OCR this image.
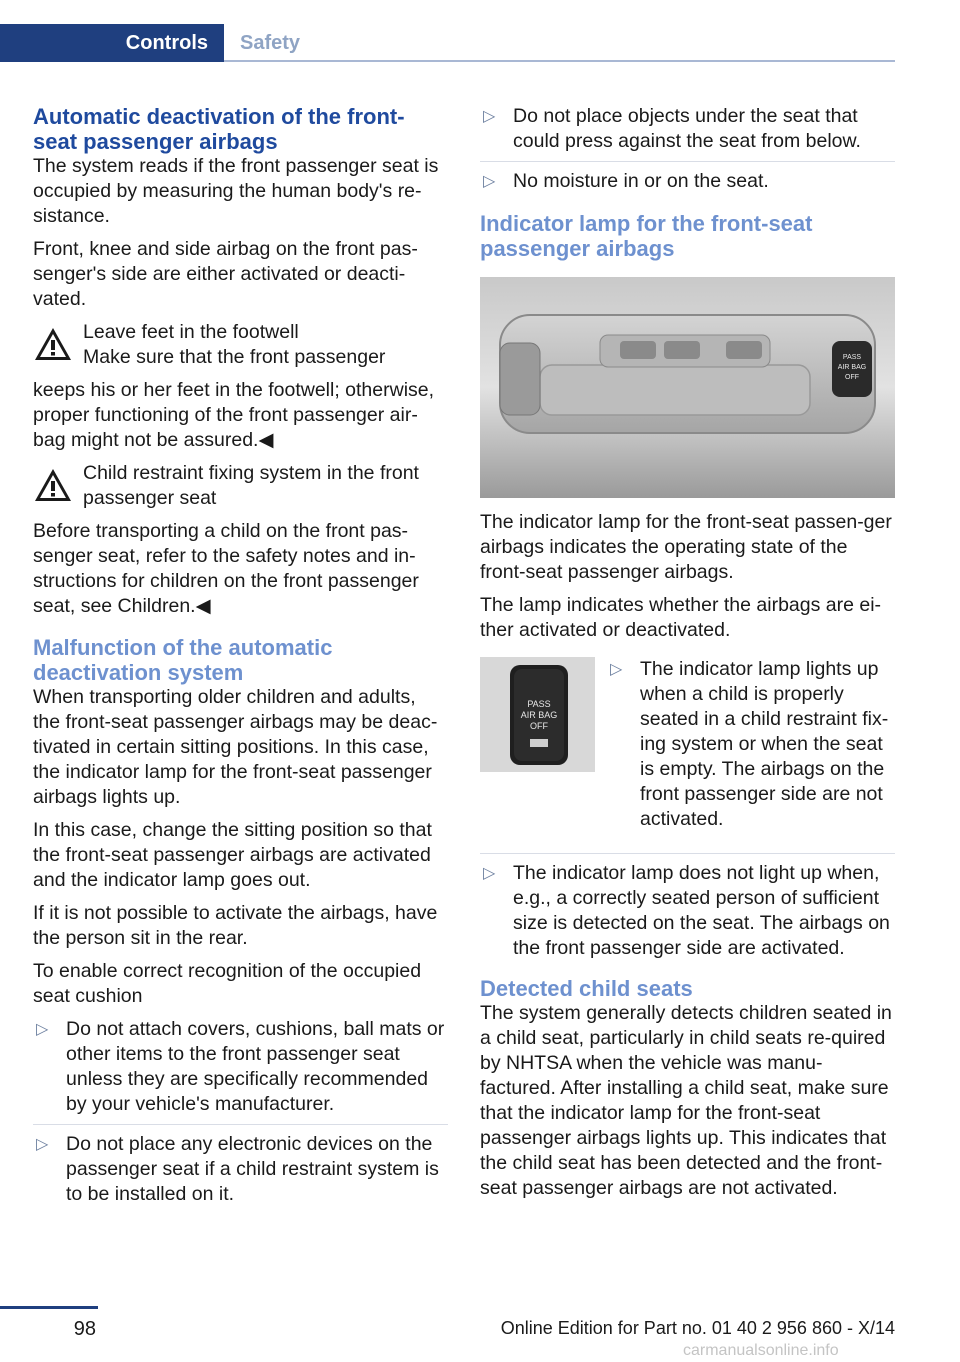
Controls	Safety
Automatic deactivation of the front-seat passenger airbags

The system reads if the front passenger seat is occupied by measuring the human body's re-sistance.

Front, knee and side airbag on the front pas-senger's side are either activated or deacti-vated.

Leave feet in the footwell
Make sure that the front passenger

keeps his or her feet in the footwell; otherwise, proper functioning of the front passenger air-bag might not be assured.◀

Child restraint fixing system in the front passenger seat

Before transporting a child on the front pas-senger seat, refer to the safety notes and in-structions for children on the front passenger seat, see Children.◀

Malfunction of the automatic deactivation system

When transporting older children and adults, the front-seat passenger airbags may be deac-tivated in certain sitting positions. In this case, the indicator lamp for the front-seat passenger airbags lights up.

In this case, change the sitting position so that the front-seat passenger airbags are activated and the indicator lamp goes out.

If it is not possible to activate the airbags, have the person sit in the rear.

To enable correct recognition of the occupied seat cushion

▷ Do not attach covers, cushions, ball mats or other items to the front passenger seat unless they are specifically recommended by your vehicle's manufacturer.
▷ Do not place any electronic devices on the passenger seat if a child restraint system is to be installed on it.
▷ Do not place objects under the seat that could press against the seat from below.
▷ No moisture in or on the seat.
Indicator lamp for the front-seat passenger airbags
PASS
AIR BAG
OFF

The indicator lamp for the front-seat passen-ger airbags indicates the operating state of the front-seat passenger airbags.

The lamp indicates whether the airbags are ei-ther activated or deactivated.

PASS
AIR BAG
OFF
▷ The indicator lamp lights up when a child is properly seated in a child restraint fix-ing system or when the seat is empty. The airbags on the front passenger side are not activated.
▷ The indicator lamp does not light up when, e.g., a correctly seated person of sufficient size is detected on the seat. The airbags on the front passenger side are activated.
Detected child seats

The system generally detects children seated in a child seat, particularly in child seats re-quired by NHTSA when the vehicle was manu-factured. After installing a child seat, make sure that the indicator lamp for the front-seat passenger airbags lights up. This indicates that the child seat has been detected and the front-seat passenger airbags are not activated.

98	Online Edition for Part no. 01 40 2 956 860 - X/14
carmanualsonline.info
